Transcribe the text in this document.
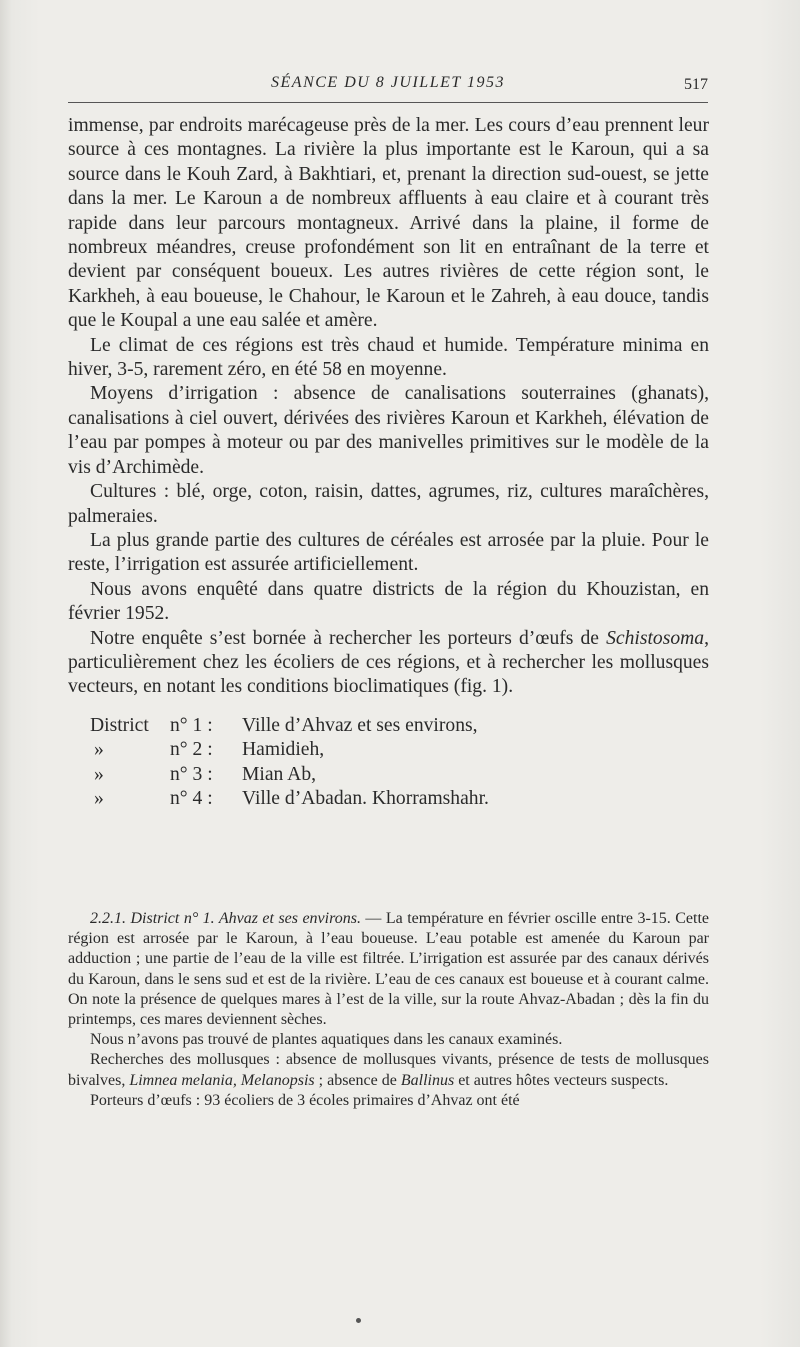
SÉANCE DU 8 JUILLET 1953	517

immense, par endroits marécageuse près de la mer. Les cours d’eau prennent leur source à ces montagnes. La rivière la plus importante est le Karoun, qui a sa source dans le Kouh Zard, à Bakhtiari, et, prenant la direction sud-ouest, se jette dans la mer. Le Karoun a de nombreux affluents à eau claire et à courant très rapide dans leur parcours montagneux. Arrivé dans la plaine, il forme de nombreux méandres, creuse profondément son lit en entraînant de la terre et devient par conséquent boueux. Les autres rivières de cette région sont, le Karkheh, à eau boueuse, le Chahour, le Karoun et le Zahreh, à eau douce, tandis que le Koupal a une eau salée et amère.

Le climat de ces régions est très chaud et humide. Température minima en hiver, 3-5, rarement zéro, en été 58 en moyenne.

Moyens d’irrigation : absence de canalisations souterraines (ghanats), canalisations à ciel ouvert, dérivées des rivières Karoun et Karkheh, élévation de l’eau par pompes à moteur ou par des manivelles primitives sur le modèle de la vis d’Archimède.

Cultures : blé, orge, coton, raisin, dattes, agrumes, riz, cultures maraîchères, palmeraies.

La plus grande partie des cultures de céréales est arrosée par la pluie. Pour le reste, l’irrigation est assurée artificiellement.

Nous avons enquêté dans quatre districts de la région du Khouzistan, en février 1952.

Notre enquête s’est bornée à rechercher les porteurs d’œufs de Schistosoma, particulièrement chez les écoliers de ces régions, et à rechercher les mollusques vecteurs, en notant les conditions bioclimatiques (fig. 1).

District	n° 1 :	Ville d’Ahvaz et ses environs,
»	n° 2 :	Hamidieh,
»	n° 3 :	Mian Ab,
»	n° 4 :	Ville d’Abadan. Khorramshahr.

2.2.1. District n° 1. Ahvaz et ses environs. — La température en février oscille entre 3-15. Cette région est arrosée par le Karoun, à l’eau boueuse. L’eau potable est amenée du Karoun par adduction ; une partie de l’eau de la ville est filtrée. L’irrigation est assurée par des canaux dérivés du Karoun, dans le sens sud et est de la rivière. L’eau de ces canaux est boueuse et à courant calme. On note la présence de quelques mares à l’est de la ville, sur la route Ahvaz-Abadan ; dès la fin du printemps, ces mares deviennent sèches.

Nous n’avons pas trouvé de plantes aquatiques dans les canaux examinés.

Recherches des mollusques : absence de mollusques vivants, présence de tests de mollusques bivalves, Limnea melania, Melanopsis ; absence de Ballinus et autres hôtes vecteurs suspects.

Porteurs d’œufs : 93 écoliers de 3 écoles primaires d’Ahvaz ont été
